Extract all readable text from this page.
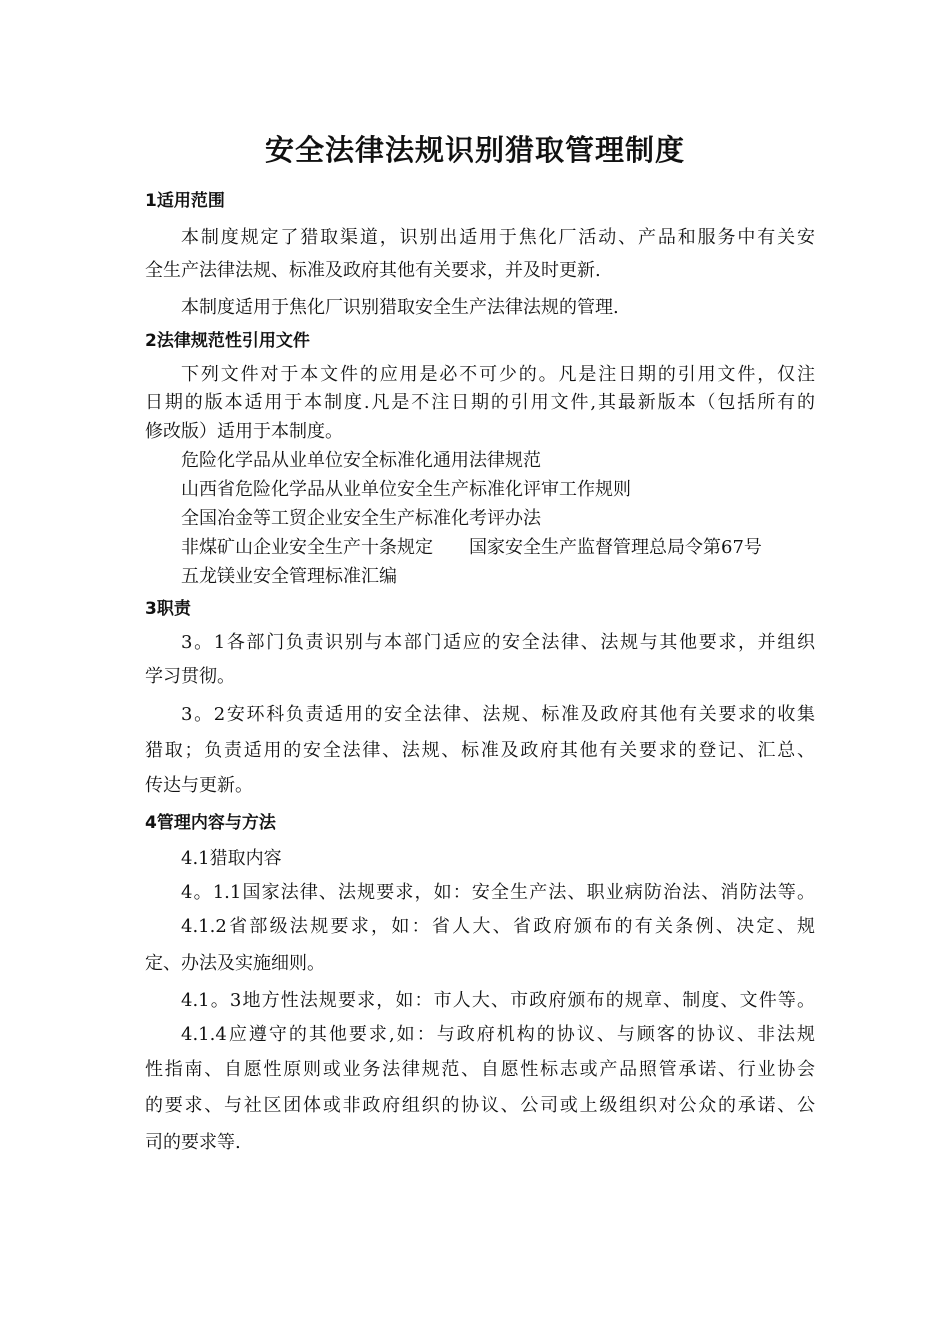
安全法律法规识别猎取管理制度

1适用范围

本制度规定了猎取渠道，识别出适用于焦化厂活动、产品和服务中有关安

全生产法律法规、标准及政府其他有关要求，并及时更新.

本制度适用于焦化厂识别猎取安全生产法律法规的管理.

2法律规范性引用文件

下列文件对于本文件的应用是必不可少的。凡是注日期的引用文件，仅注

日期的版本适用于本制度.凡是不注日期的引用文件,其最新版本（包括所有的

修改版）适用于本制度。

危险化学品从业单位安全标准化通用法律规范

山西省危险化学品从业单位安全生产标准化评审工作规则

全国冶金等工贸企业安全生产标准化考评办法

非煤矿山企业安全生产十条规定　　国家安全生产监督管理总局令第67号

五龙镁业安全管理标准汇编

3职责

3。1各部门负责识别与本部门适应的安全法律、法规与其他要求，并组织

学习贯彻。

3。2安环科负责适用的安全法律、法规、标准及政府其他有关要求的收集

猎取；负责适用的安全法律、法规、标准及政府其他有关要求的登记、汇总、

传达与更新。

4管理内容与方法

4.1猎取内容

4。1.1国家法律、法规要求，如：安全生产法、职业病防治法、消防法等。

4.1.2省部级法规要求，如：省人大、省政府颁布的有关条例、决定、规

定、办法及实施细则。

4.1。3地方性法规要求，如：市人大、市政府颁布的规章、制度、文件等。

4.1.4应遵守的其他要求,如：与政府机构的协议、与顾客的协议、非法规

性指南、自愿性原则或业务法律规范、自愿性标志或产品照管承诺、行业协会

的要求、与社区团体或非政府组织的协议、公司或上级组织对公众的承诺、公

司的要求等.
